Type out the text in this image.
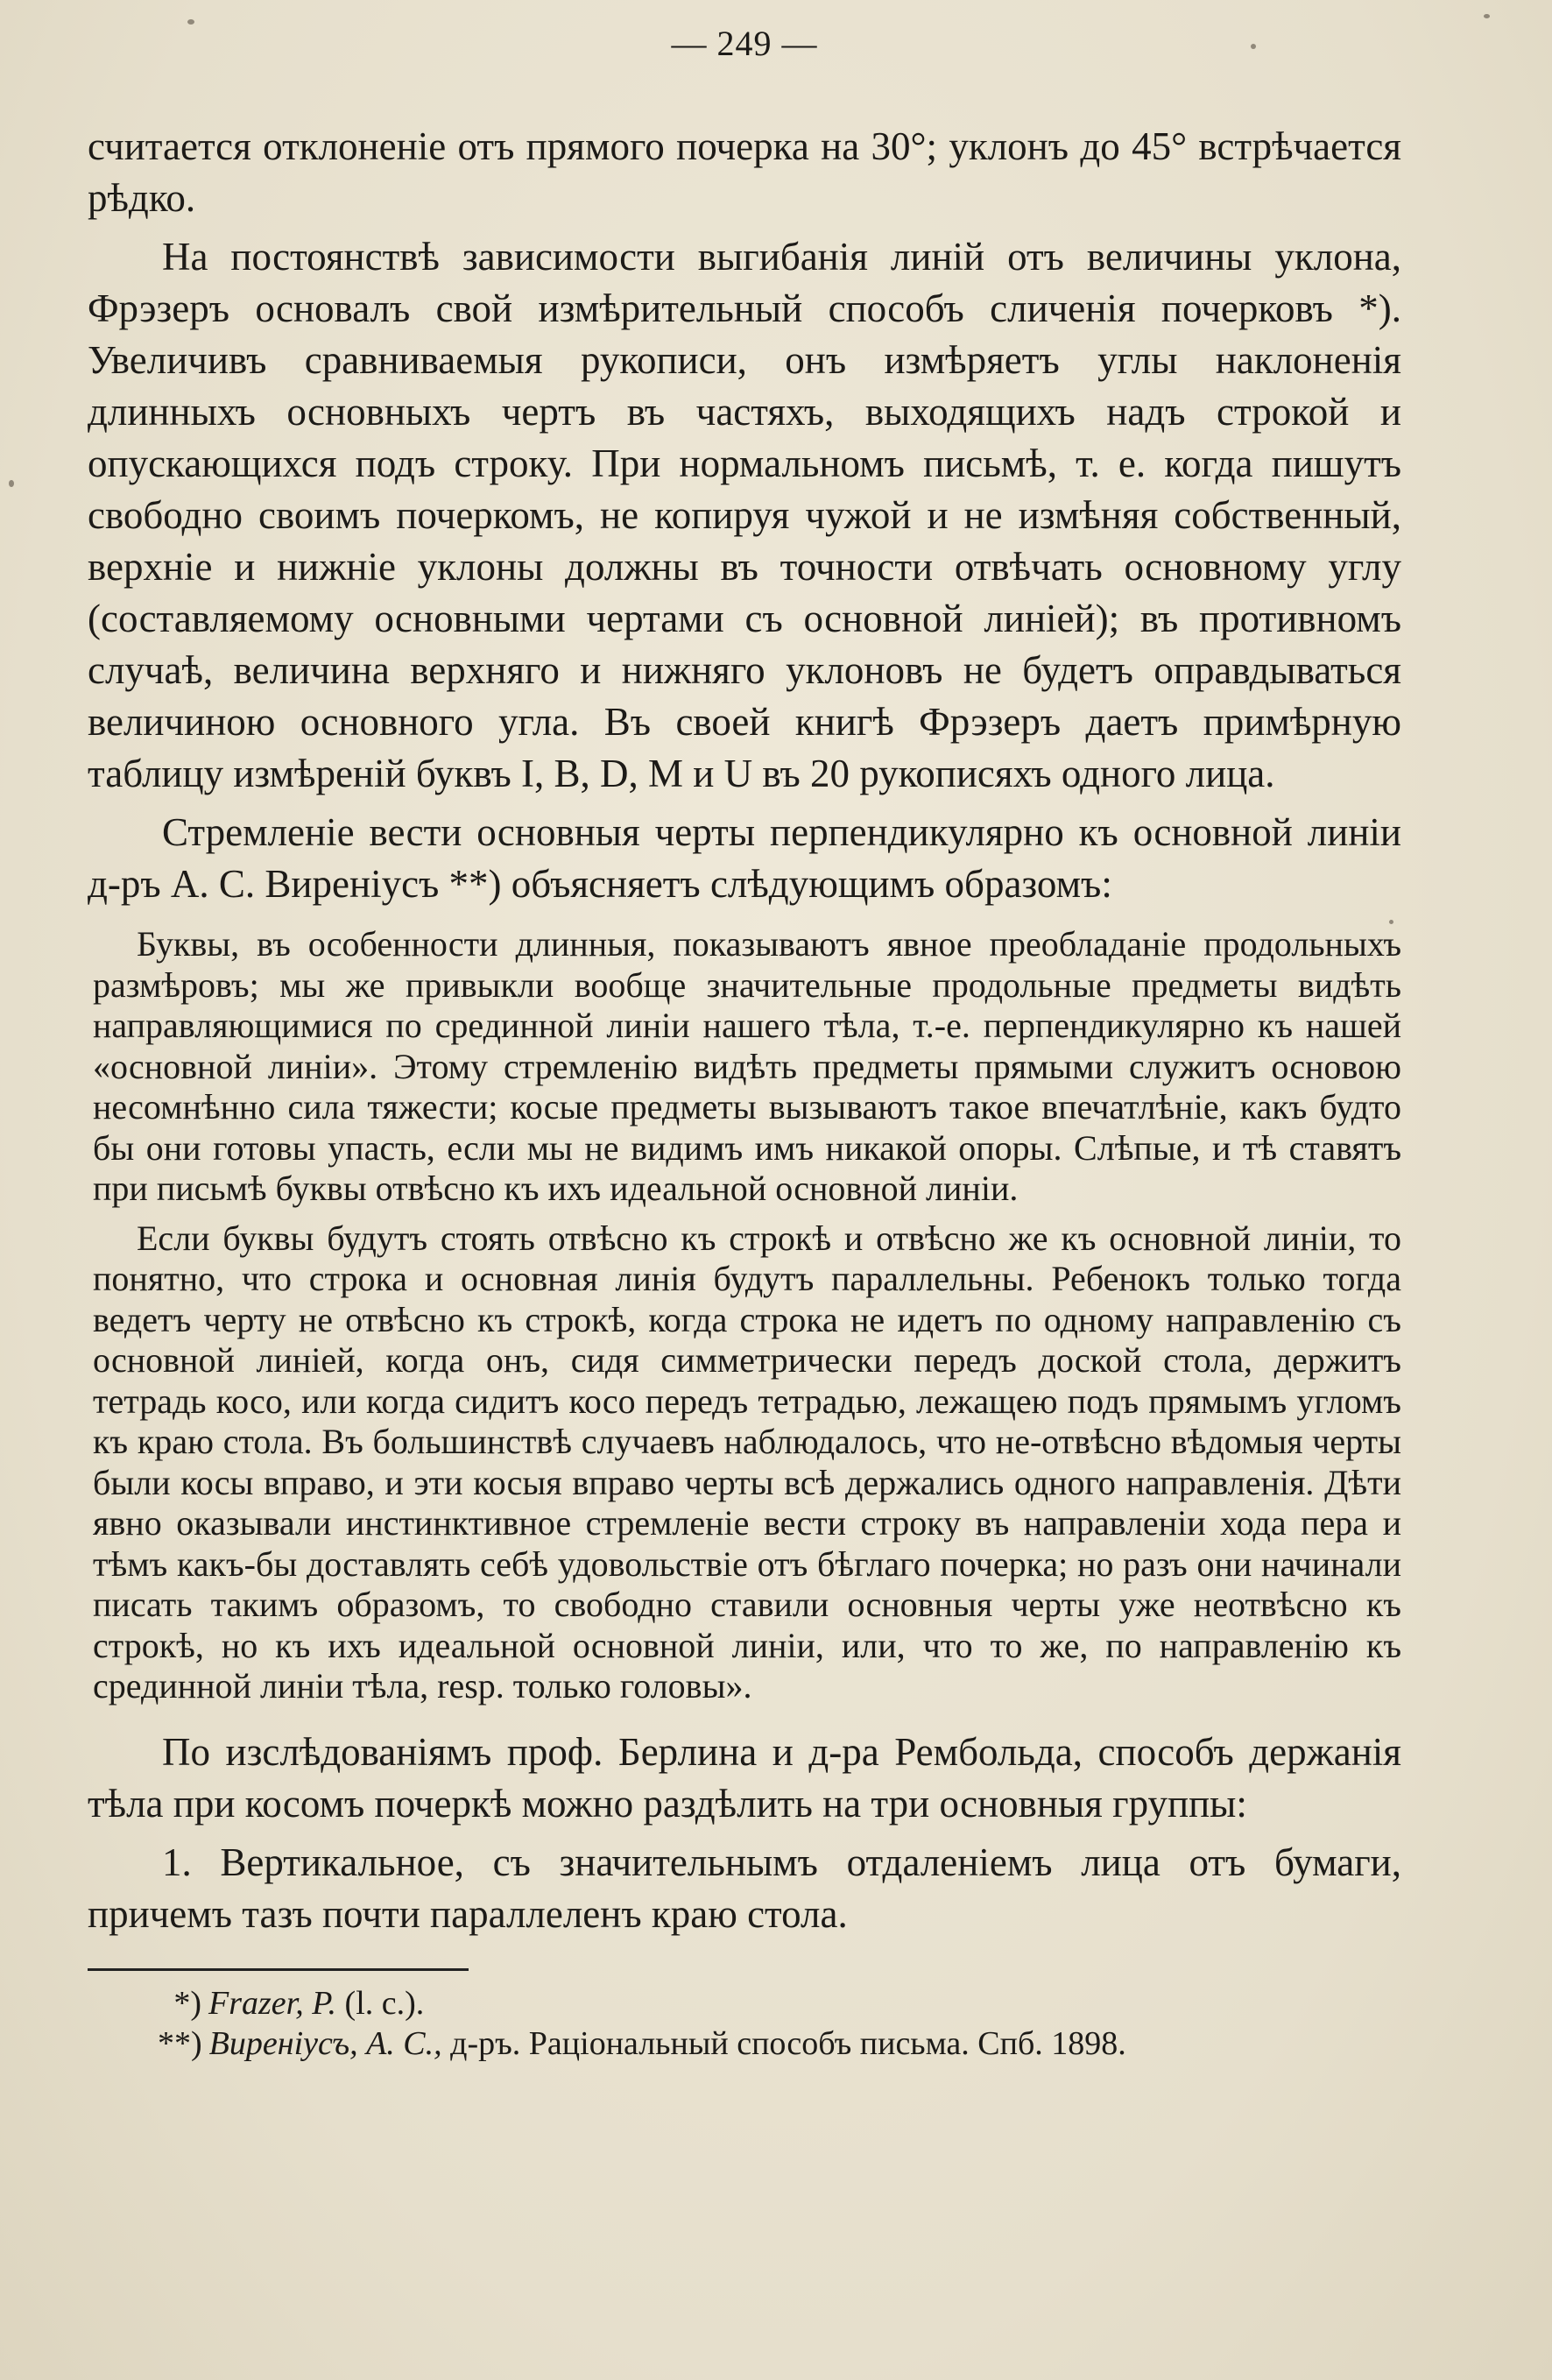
— 249 —

считается отклоненіе отъ прямого почерка на 30°; уклонъ до 45° встрѣчается рѣдко.

На постоянствѣ зависимости выгибанія линій отъ величины уклона, Фрэзеръ основалъ свой измѣрительный способъ сличенія почерковъ *). Увеличивъ сравниваемыя рукописи, онъ измѣряетъ углы наклоненія длинныхъ основныхъ чертъ въ частяхъ, выходящихъ надъ строкой и опускающихся подъ строку. При нормальномъ письмѣ, т. е. когда пишутъ свободно своимъ почеркомъ, не копируя чужой и не измѣняя собственный, верхніе и нижніе уклоны должны въ точности отвѣчать основному углу (составляемому основными чертами съ основной линіей); въ противномъ случаѣ, величина верхняго и нижняго уклоновъ не будетъ оправдываться величиною основного угла. Въ своей книгѣ Фрэзеръ даетъ примѣрную таблицу измѣреній буквъ I, B, D, M и U въ 20 рукописяхъ одного лица.

Стремленіе вести основныя черты перпендикулярно къ основной линіи д-ръ А. С. Виреніусъ **) объясняетъ слѣдующимъ образомъ:

Буквы, въ особенности длинныя, показываютъ явное преобладаніе продольныхъ размѣровъ; мы же привыкли вообще значительные продольные предметы видѣть направляющимися по срединной линіи нашего тѣла, т.-е. перпендикулярно къ нашей «основной линіи». Этому стремленію видѣть предметы прямыми служитъ основою несомнѣнно сила тяжести; косые предметы вызываютъ такое впечатлѣніе, какъ будто бы они готовы упасть, если мы не видимъ имъ никакой опоры. Слѣпые, и тѣ ставятъ при письмѣ буквы отвѣсно къ ихъ идеальной основной линіи.

Если буквы будутъ стоять отвѣсно къ строкѣ и отвѣсно же къ основной линіи, то понятно, что строка и основная линія будутъ параллельны. Ребенокъ только тогда ведетъ черту не отвѣсно къ строкѣ, когда строка не идетъ по одному направленію съ основной линіей, когда онъ, сидя симметрически передъ доской стола, держитъ тетрадь косо, или когда сидитъ косо передъ тетрадью, лежащею подъ прямымъ угломъ къ краю стола. Въ большинствѣ случаевъ наблюдалось, что не-отвѣсно вѣдомыя черты были косы вправо, и эти косыя вправо черты всѣ держались одного направленія. Дѣти явно оказывали инстинктивное стремленіе вести строку въ направленіи хода пера и тѣмъ какъ-бы доставлять себѣ удовольствіе отъ бѣглаго почерка; но разъ они начинали писать такимъ образомъ, то свободно ставили основныя черты уже неотвѣсно къ строкѣ, но къ ихъ идеальной основной линіи, или, что то же, по направленію къ срединной линіи тѣла, resp. только головы».

По изслѣдованіямъ проф. Берлина и д-ра Рембольда, способъ держанія тѣла при косомъ почеркѣ можно раздѣлить на три основныя группы:

1. Вертикальное, съ значительнымъ отдаленіемъ лица отъ бумаги, причемъ тазъ почти параллеленъ краю стола.

*) Frazer, P. (l. c.).
**) Виреніусъ, А. С., д-ръ. Раціональный способъ письма. Спб. 1898.
